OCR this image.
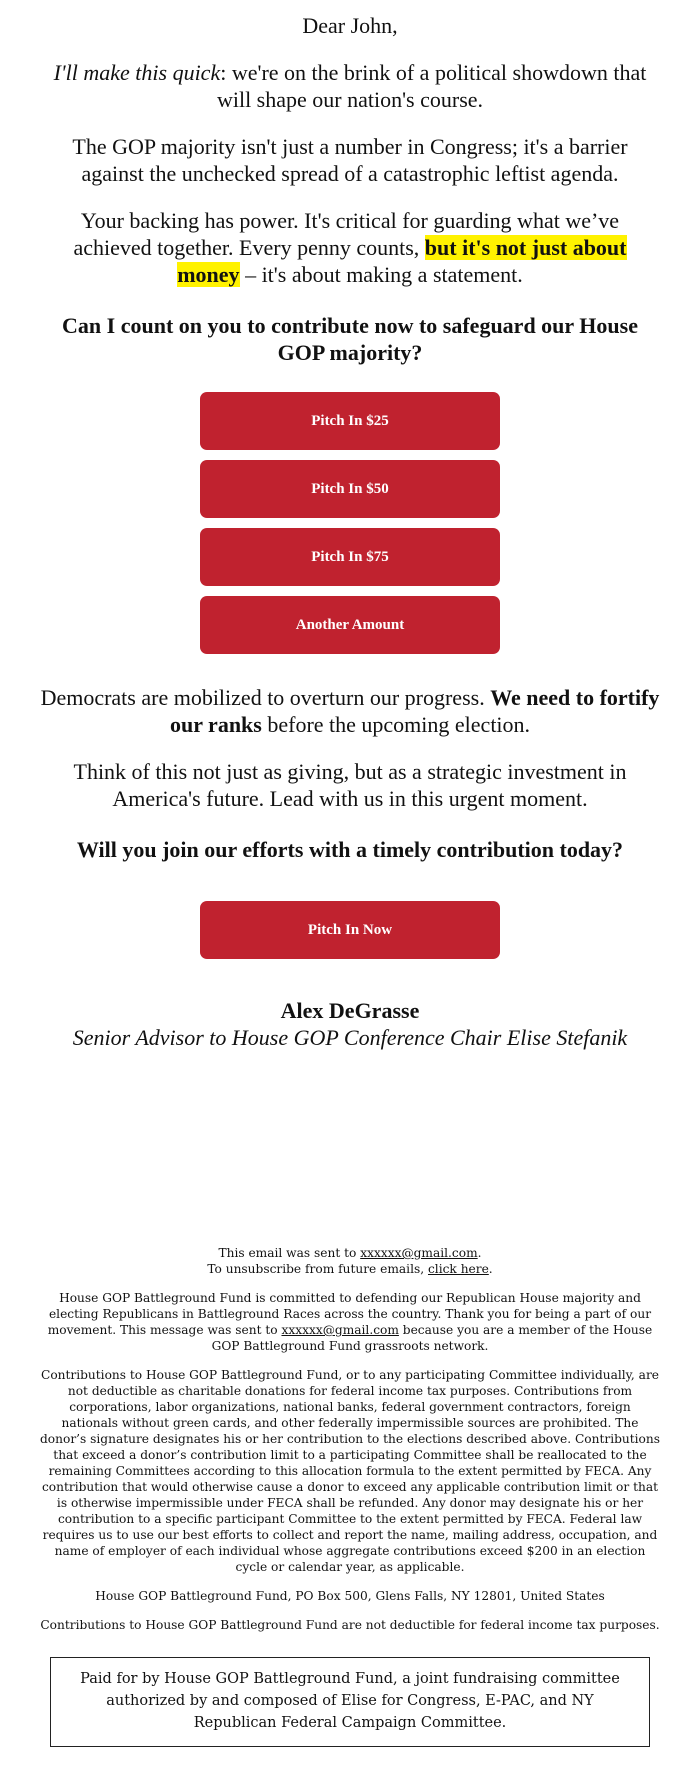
Dear John,

I'll make this quick: we're on the brink of a political showdown that will shape our nation's course.

The GOP majority isn't just a number in Congress; it's a barrier against the unchecked spread of a catastrophic leftist agenda.

Your backing has power. It's critical for guarding what we’ve achieved together. Every penny counts, but it's not just about money – it's about making a statement.

Can I count on you to contribute now to safeguard our House GOP majority?

Pitch In $25
Pitch In $50
Pitch In $75
Another Amount

Democrats are mobilized to overturn our progress. We need to fortify our ranks before the upcoming election.

Think of this not just as giving, but as a strategic investment in America's future. Lead with us in this urgent moment.

Will you join our efforts with a timely contribution today?

Pitch In Now
Alex DeGrasse
Senior Advisor to House GOP Conference Chair Elise Stefanik

This email was sent to xxxxxx@gmail.com.

To unsubscribe from future emails, click here.

House GOP Battleground Fund is committed to defending our Republican House majority and electing Republicans in Battleground Races across the country. Thank you for being a part of our movement. This message was sent to xxxxxx@gmail.com because you are a member of the House GOP Battleground Fund grassroots network.

Contributions to House GOP Battleground Fund, or to any participating Committee individually, are not deductible as charitable donations for federal income tax purposes. Contributions from corporations, labor organizations, national banks, federal government contractors, foreign nationals without green cards, and other federally impermissible sources are prohibited. The donor’s signature designates his or her contribution to the elections described above. Contributions that exceed a donor’s contribution limit to a participating Committee shall be reallocated to the remaining Committees according to this allocation formula to the extent permitted by FECA. Any contribution that would otherwise cause a donor to exceed any applicable contribution limit or that is otherwise impermissible under FECA shall be refunded. Any donor may designate his or her contribution to a specific participant Committee to the extent permitted by FECA. Federal law requires us to use our best efforts to collect and report the name, mailing address, occupation, and name of employer of each individual whose aggregate contributions exceed $200 in an election cycle or calendar year, as applicable.

House GOP Battleground Fund, PO Box 500, Glens Falls, NY 12801, United States

Contributions to House GOP Battleground Fund are not deductible for federal income tax purposes.

Paid for by House GOP Battleground Fund, a joint fundraising committee authorized by and composed of Elise for Congress, E-PAC, and NY Republican Federal Campaign Committee.
